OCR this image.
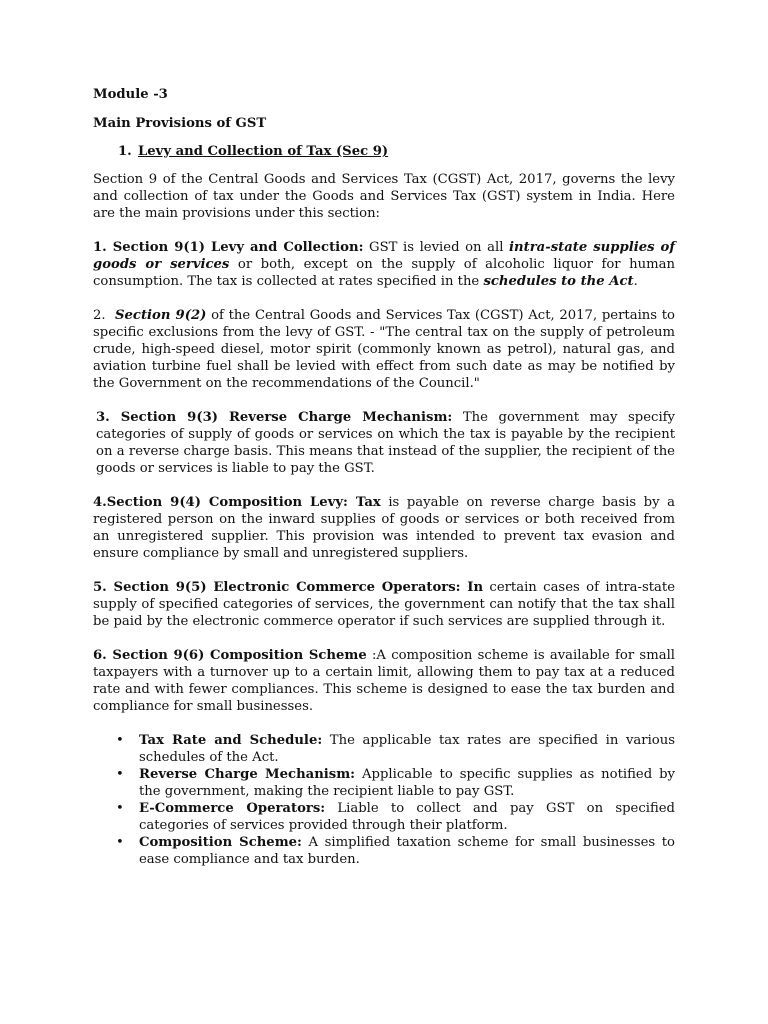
Module -3

Main Provisions of GST

1. Levy and Collection of Tax (Sec 9)

Section 9 of the Central Goods and Services Tax (CGST) Act, 2017, governs the levy and collection of tax under the Goods and Services Tax (GST) system in India. Here are the main provisions under this section:

1. Section 9(1) Levy and Collection: GST is levied on all intra-state supplies of goods or services or both, except on the supply of alcoholic liquor for human consumption. The tax is collected at rates specified in the schedules to the Act.

2.  Section 9(2) of the Central Goods and Services Tax (CGST) Act, 2017, pertains to specific exclusions from the levy of GST. - "The central tax on the supply of petroleum crude, high-speed diesel, motor spirit (commonly known as petrol), natural gas, and aviation turbine fuel shall be levied with effect from such date as may be notified by the Government on the recommendations of the Council."

3. Section 9(3) Reverse Charge Mechanism: The government may specify categories of supply of goods or services on which the tax is payable by the recipient on a reverse charge basis. This means that instead of the supplier, the recipient of the goods or services is liable to pay the GST.

4.Section 9(4) Composition Levy: Tax is payable on reverse charge basis by a registered person on the inward supplies of goods or services or both received from an unregistered supplier. This provision was intended to prevent tax evasion and ensure compliance by small and unregistered suppliers.

5. Section 9(5) Electronic Commerce Operators: In certain cases of intra-state supply of specified categories of services, the government can notify that the tax shall be paid by the electronic commerce operator if such services are supplied through it.

6. Section 9(6) Composition Scheme :A composition scheme is available for small taxpayers with a turnover up to a certain limit, allowing them to pay tax at a reduced rate and with fewer compliances. This scheme is designed to ease the tax burden and compliance for small businesses.

• Tax Rate and Schedule: The applicable tax rates are specified in various schedules of the Act.
• Reverse Charge Mechanism: Applicable to specific supplies as notified by the government, making the recipient liable to pay GST.
• E-Commerce Operators: Liable to collect and pay GST on specified categories of services provided through their platform.
• Composition Scheme: A simplified taxation scheme for small businesses to ease compliance and tax burden.
